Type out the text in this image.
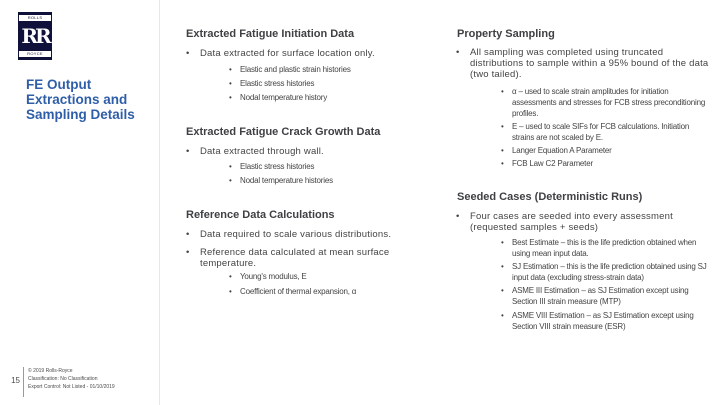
ROLLS
RR
ROYCE
FE Output Extractions and Sampling Details
15
© 2019 Rolls-Royce
Classification: No Classification
Export Control: Not Listed - 01/10/2019
Extracted Fatigue Initiation Data
• Data extracted for surface location only.
• Elastic and plastic strain histories
• Elastic stress histories
• Nodal temperature history
Extracted Fatigue Crack Growth Data
• Data extracted through wall.
• Elastic stress histories
• Nodal temperature histories
Reference Data Calculations
• Data required to scale various distributions.
• Reference data calculated at mean surface temperature.
• Young's modulus, E
• Coefficient of thermal expansion, α
Property Sampling
• All sampling was completed using truncated distributions to sample within a 95% bound of the data (two tailed).
• α – used to scale strain amplitudes for initiation assessments and stresses for FCB stress preconditioning profiles.
• E – used to scale SIFs for FCB calculations. Initiation strains are not scaled by E.
• Langer Equation A Parameter
• FCB Law C2 Parameter
Seeded Cases (Deterministic Runs)
• Four cases are seeded into every assessment (requested samples + seeds)
• Best Estimate – this is the life prediction obtained when using mean input data.
• SJ Estimation – this is the life prediction obtained using SJ input data (excluding stress-strain data)
• ASME III Estimation – as SJ Estimation except using Section III strain measure (MTP)
• ASME VIII Estimation – as SJ Estimation except using Section VIII strain measure (ESR)
